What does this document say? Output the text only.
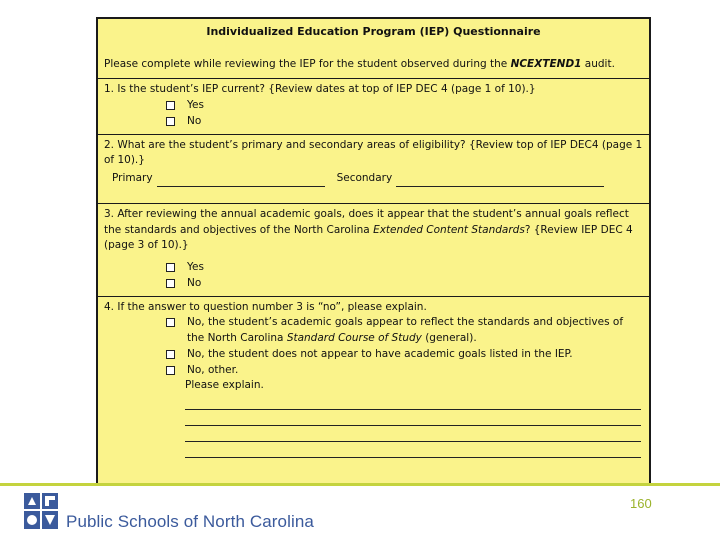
Individualized Education Program (IEP) Questionnaire
Please complete while reviewing the IEP for the student observed during the NCEXTEND1 audit.
1. Is the student’s IEP current? {Review dates at top of IEP DEC 4 (page 1 of 10).}
Yes
No
2. What are the student’s primary and secondary areas of eligibility? {Review top of IEP DEC4 (page 1 of 10).}
Primary	Secondary
3. After reviewing the annual academic goals, does it appear that the student’s annual goals reflect the standards and objectives of the North Carolina Extended Content Standards? {Review IEP DEC 4 (page 3 of 10).}
Yes
No
4. If the answer to question number 3 is “no”, please explain.
No, the student’s academic goals appear to reflect the standards and objectives of the North Carolina Standard Course of Study (general).
No, the student does not appear to have academic goals listed in the IEP.
No, other.
Please explain.
Public Schools of North Carolina
160
